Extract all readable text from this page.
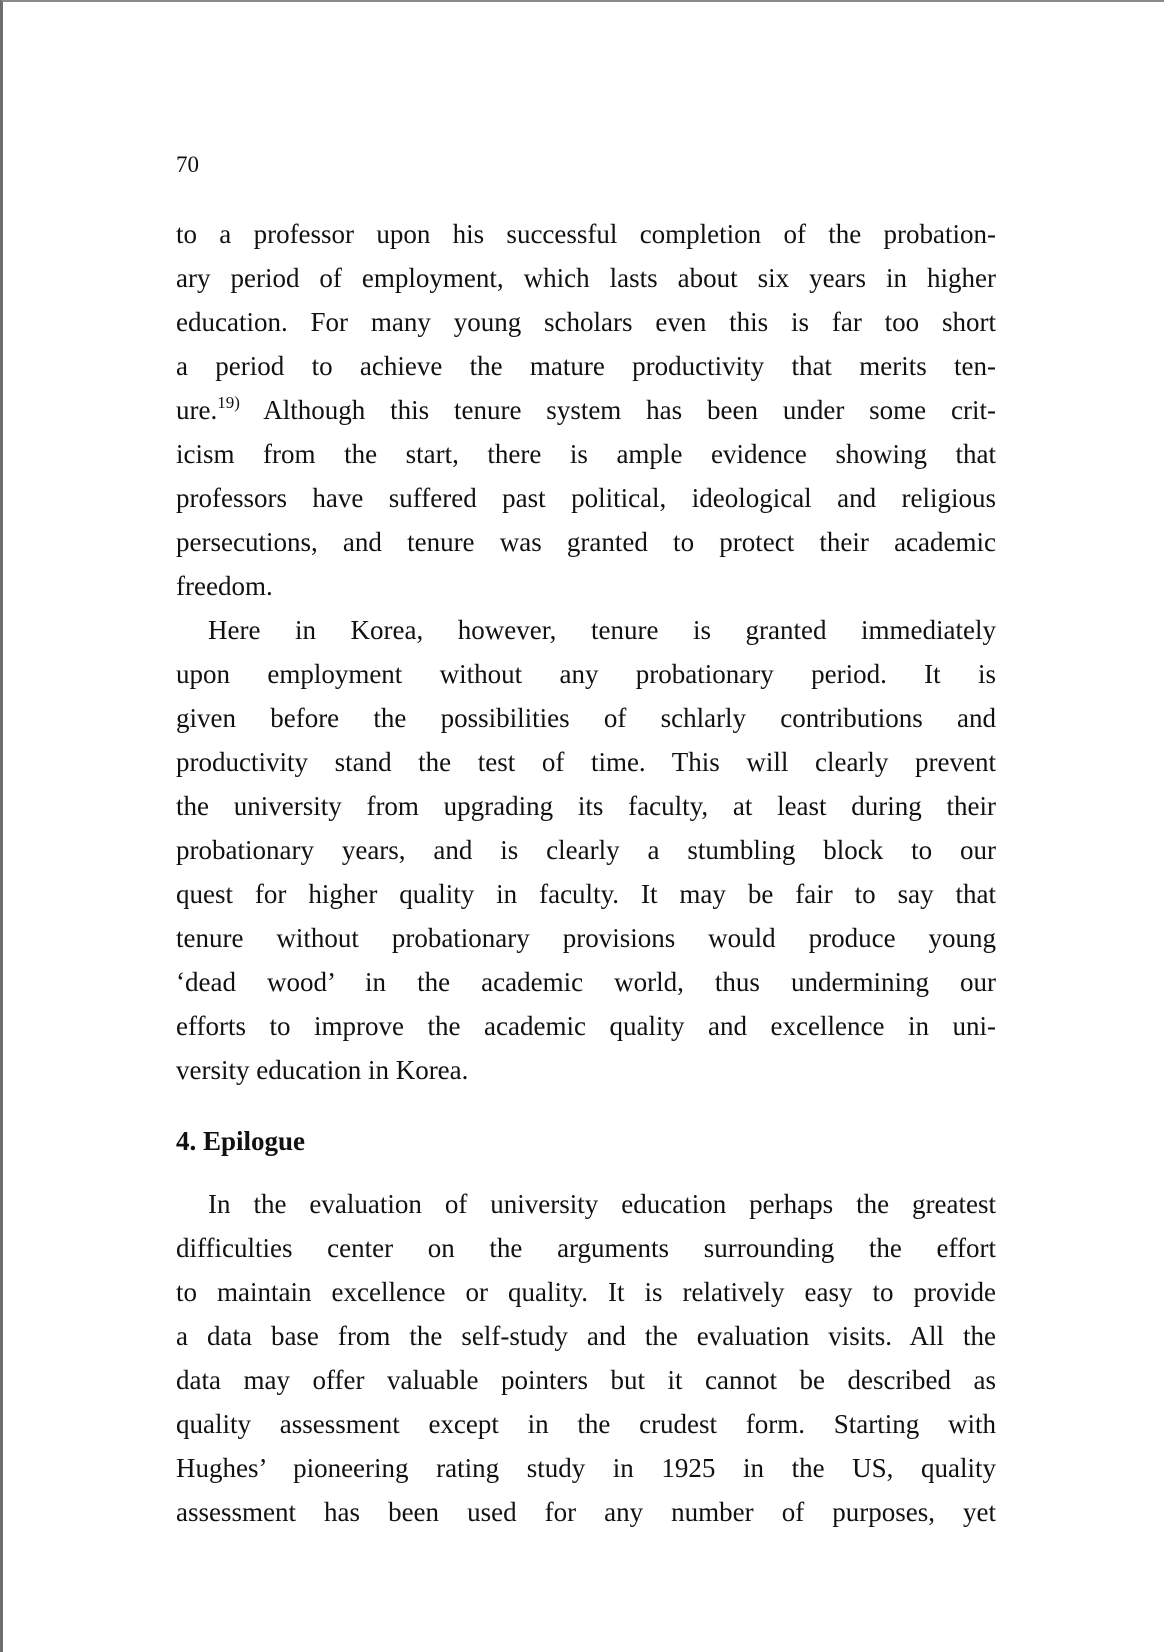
70
to a professor upon his successful completion of the probation-
ary period of employment, which lasts about six years in higher
education. For many young scholars even this is far too short
a period to achieve the mature productivity that merits ten-
ure.$^{19)}$ Although this tenure system has been under some crit-
icism from the start, there is ample evidence showing that
professors have suffered past political, ideological and religious
persecutions, and tenure was granted to protect their academic
freedom.
Here in Korea, however, tenure is granted immediately
upon employment without any probationary period. It is
given before the possibilities of schlarly contributions and
productivity stand the test of time. This will clearly prevent
the university from upgrading its faculty, at least during their
probationary years, and is clearly a stumbling block to our
quest for higher quality in faculty. It may be fair to say that
tenure without probationary provisions would produce young
‘dead wood’ in the academic world, thus undermining our
efforts to improve the academic quality and excellence in uni-
versity education in Korea.
4. Epilogue
In the evaluation of university education perhaps the greatest
difficulties center on the arguments surrounding the effort
to maintain excellence or quality. It is relatively easy to provide
a data base from the self-study and the evaluation visits. All the
data may offer valuable pointers but it cannot be described as
quality assessment except in the crudest form. Starting with
Hughes’ pioneering rating study in 1925 in the US, quality
assessment has been used for any number of purposes, yet
